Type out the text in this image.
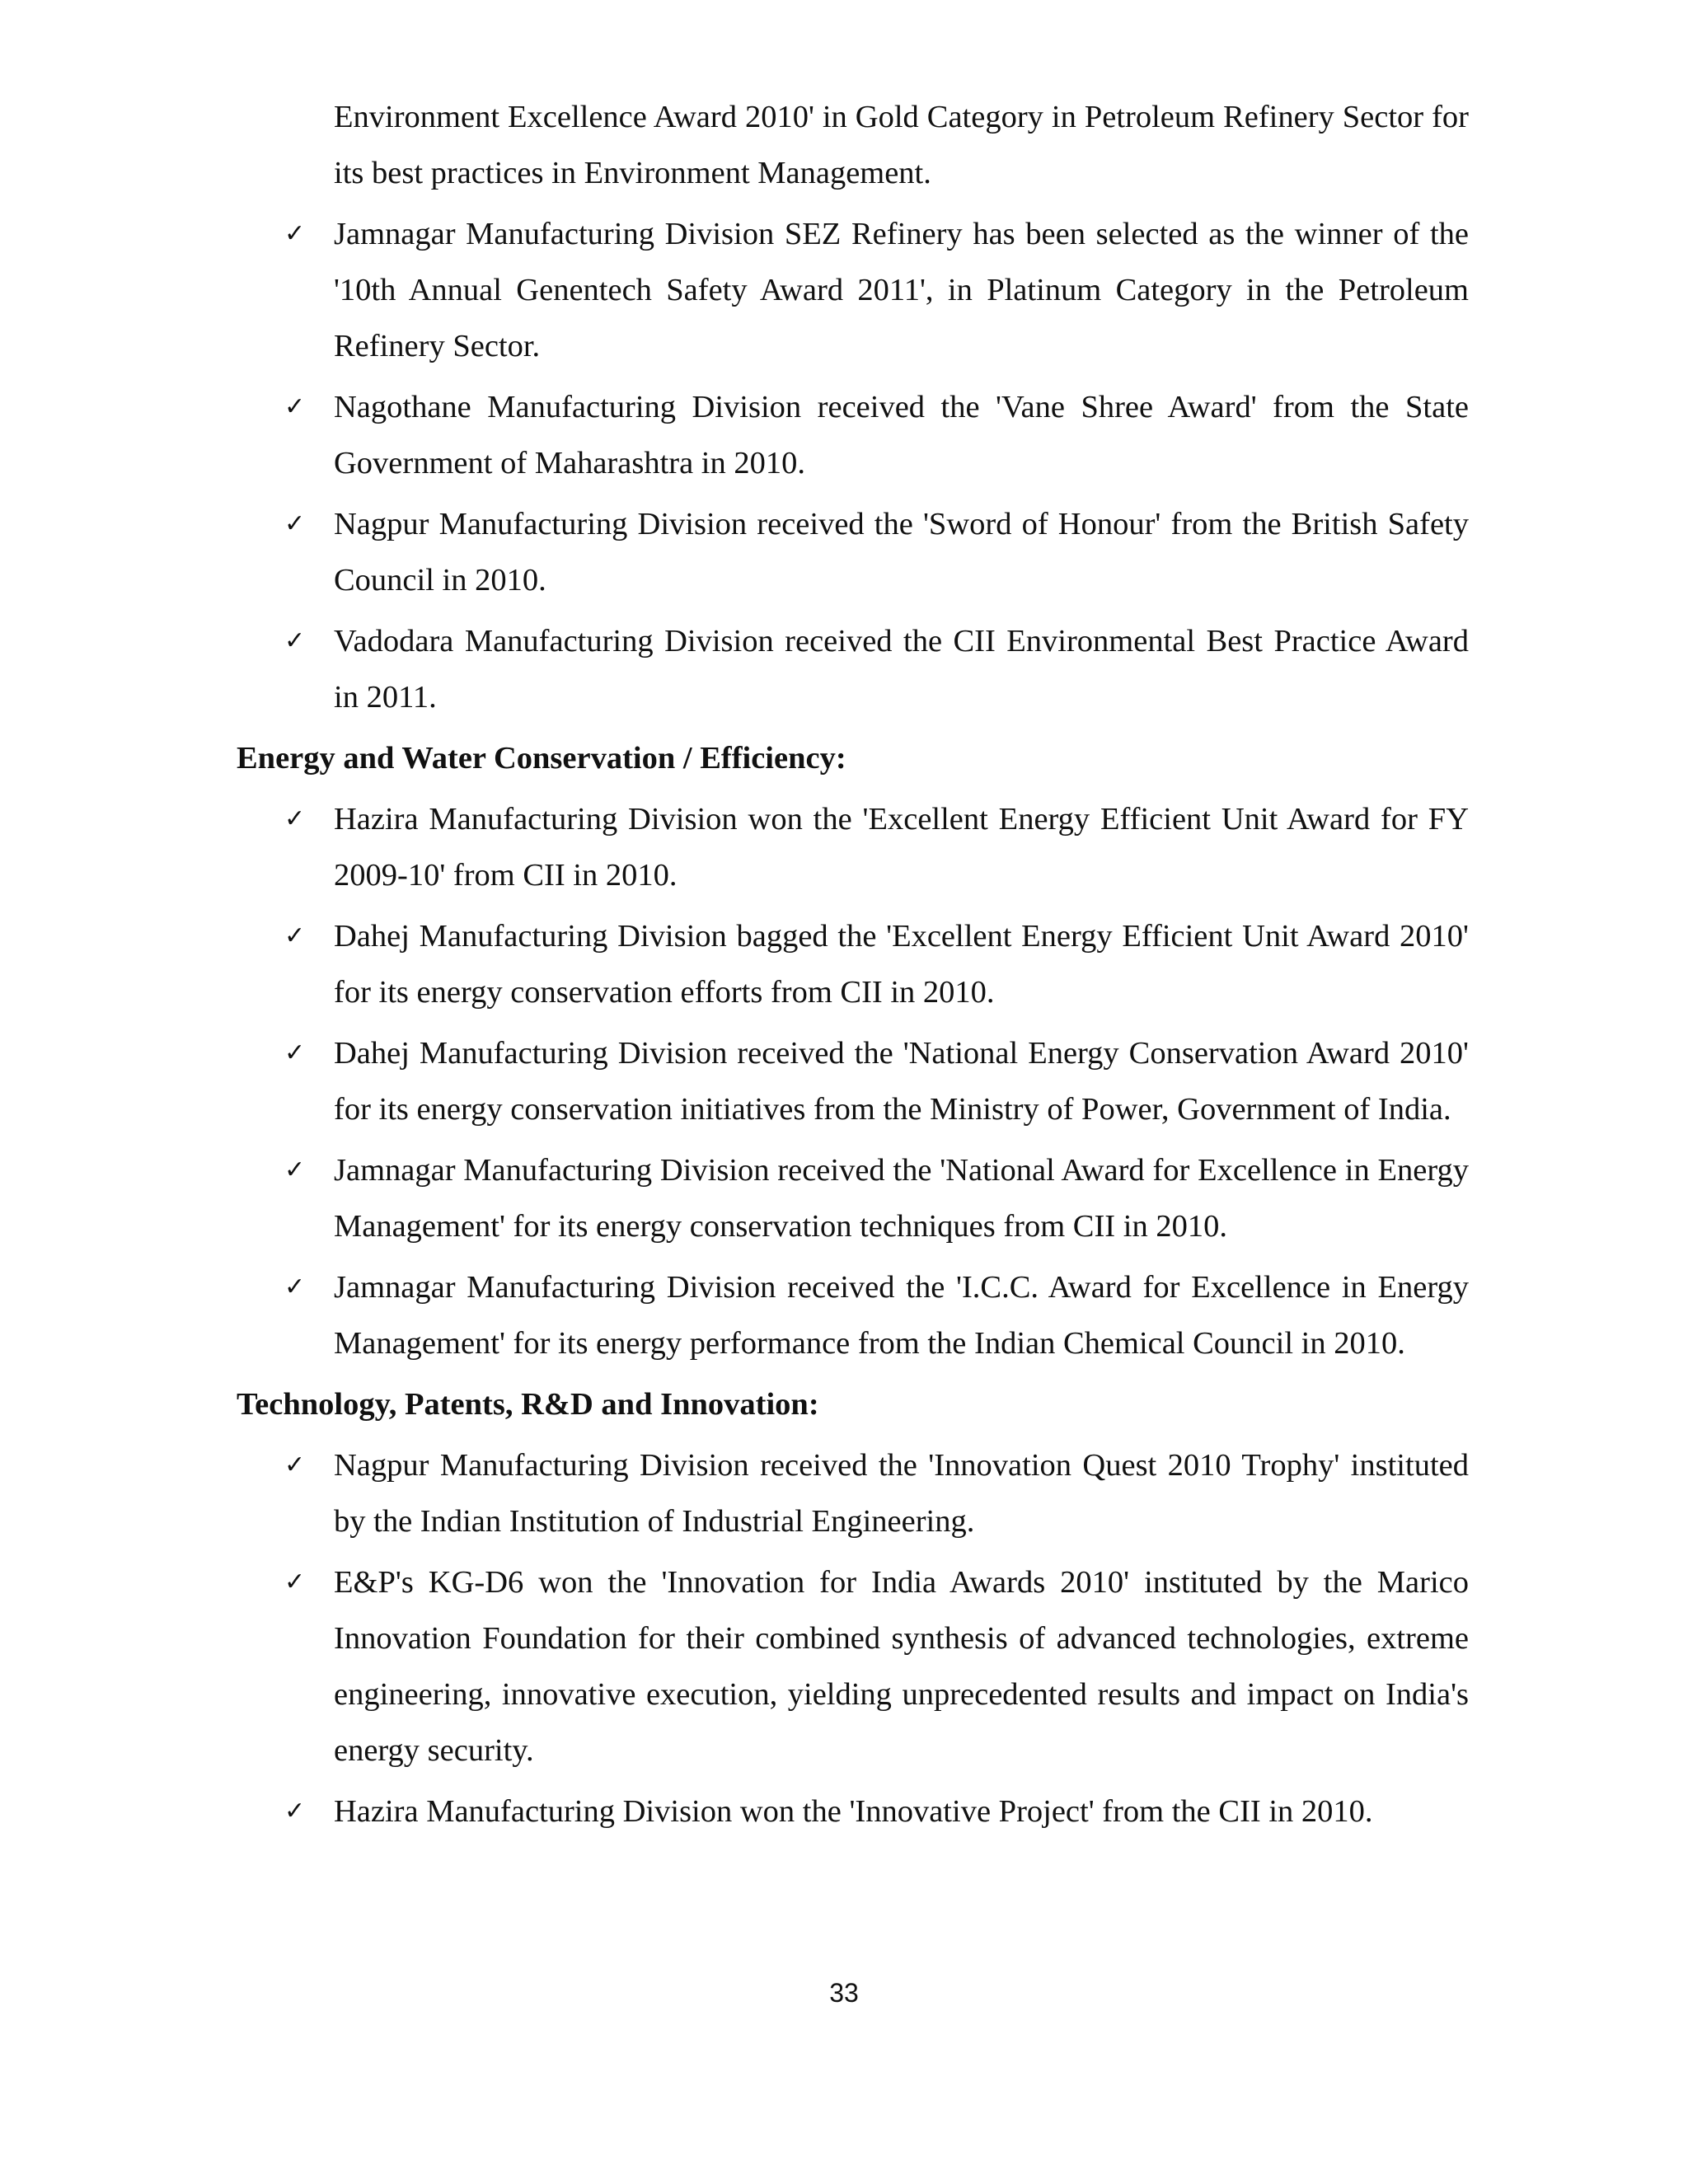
Environment Excellence Award 2010' in Gold Category in Petroleum Refinery Sector for its best practices in Environment Management.
✓ Jamnagar Manufacturing Division SEZ Refinery has been selected as the winner of the '10th Annual Genentech Safety Award 2011', in Platinum Category in the Petroleum Refinery Sector.
✓ Nagothane Manufacturing Division received the 'Vane Shree Award' from the State Government of Maharashtra in 2010.
✓ Nagpur Manufacturing Division received the 'Sword of Honour' from the British Safety Council in 2010.
✓ Vadodara Manufacturing Division received the CII Environmental Best Practice Award in 2011.
Energy and Water Conservation / Efficiency:
✓ Hazira Manufacturing Division won the 'Excellent Energy Efficient Unit Award for FY 2009-10' from CII in 2010.
✓ Dahej Manufacturing Division bagged the 'Excellent Energy Efficient Unit Award 2010' for its energy conservation efforts from CII in 2010.
✓ Dahej Manufacturing Division received the 'National Energy Conservation Award 2010' for its energy conservation initiatives from the Ministry of Power, Government of India.
✓ Jamnagar Manufacturing Division received the 'National Award for Excellence in Energy Management' for its energy conservation techniques from CII in 2010.
✓ Jamnagar Manufacturing Division received the 'I.C.C. Award for Excellence in Energy Management' for its energy performance from the Indian Chemical Council in 2010.
Technology, Patents, R&D and Innovation:
✓ Nagpur Manufacturing Division received the 'Innovation Quest 2010 Trophy' instituted by the Indian Institution of Industrial Engineering.
✓ E&P's KG-D6 won the 'Innovation for India Awards 2010' instituted by the Marico Innovation Foundation for their combined synthesis of advanced technologies, extreme engineering, innovative execution, yielding unprecedented results and impact on India's energy security.
✓ Hazira Manufacturing Division won the 'Innovative Project' from the CII in 2010.
33
